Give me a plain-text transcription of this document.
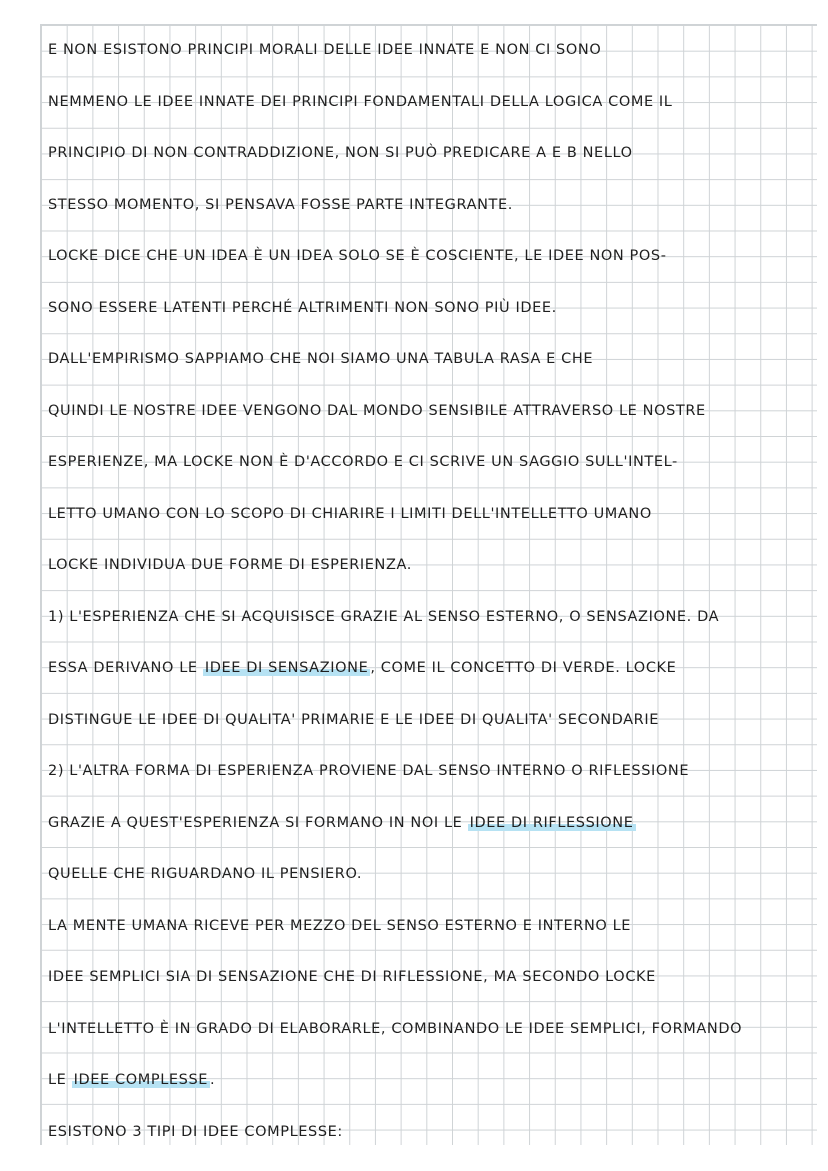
E NON ESISTONO PRINCIPI MORALI DELLE IDEE INNATE E NON CI SONO
NEMMENO LE IDEE INNATE DEI PRINCIPI FONDAMENTALI DELLA LOGICA COME IL
PRINCIPIO DI NON CONTRADDIZIONE, NON SI PUÒ PREDICARE A E B NELLO
STESSO MOMENTO, SI PENSAVA FOSSE PARTE INTEGRANTE.
LOCKE DICE CHE UN IDEA È UN IDEA SOLO SE È COSCIENTE, LE IDEE NON POS-
SONO ESSERE LATENTI PERCHÉ ALTRIMENTI NON SONO PIÙ IDEE.
DALL'EMPIRISMO SAPPIAMO CHE NOI SIAMO UNA TABULA RASA E CHE
QUINDI LE NOSTRE IDEE VENGONO DAL MONDO SENSIBILE ATTRAVERSO LE NOSTRE
ESPERIENZE, MA LOCKE NON È D'ACCORDO E CI SCRIVE UN SAGGIO SULL'INTEL-
LETTO UMANO CON LO SCOPO DI CHIARIRE I LIMITI DELL'INTELLETTO UMANO
LOCKE INDIVIDUA DUE FORME DI ESPERIENZA.
1) L'ESPERIENZA CHE SI ACQUISISCE GRAZIE AL SENSO ESTERNO, O SENSAZIONE. DA
ESSA DERIVANO LE IDEE DI SENSAZIONE , COME IL CONCETTO DI VERDE. LOCKE
DISTINGUE LE IDEE DI QUALITA' PRIMARIE E LE IDEE DI QUALITA' SECONDARIE
2) L'ALTRA FORMA DI ESPERIENZA PROVIENE DAL SENSO INTERNO O RIFLESSIONE
GRAZIE A QUEST'ESPERIENZA SI FORMANO IN NOI LE IDEE DI RIFLESSIONE
QUELLE CHE RIGUARDANO IL PENSIERO.
LA MENTE UMANA RICEVE PER MEZZO DEL SENSO ESTERNO E INTERNO LE
IDEE SEMPLICI SIA DI SENSAZIONE CHE DI RIFLESSIONE, MA SECONDO LOCKE
L'INTELLETTO È IN GRADO DI ELABORARLE, COMBINANDO LE IDEE SEMPLICI, FORMANDO
LE IDEE COMPLESSE .
ESISTONO 3 TIPI DI IDEE COMPLESSE:
